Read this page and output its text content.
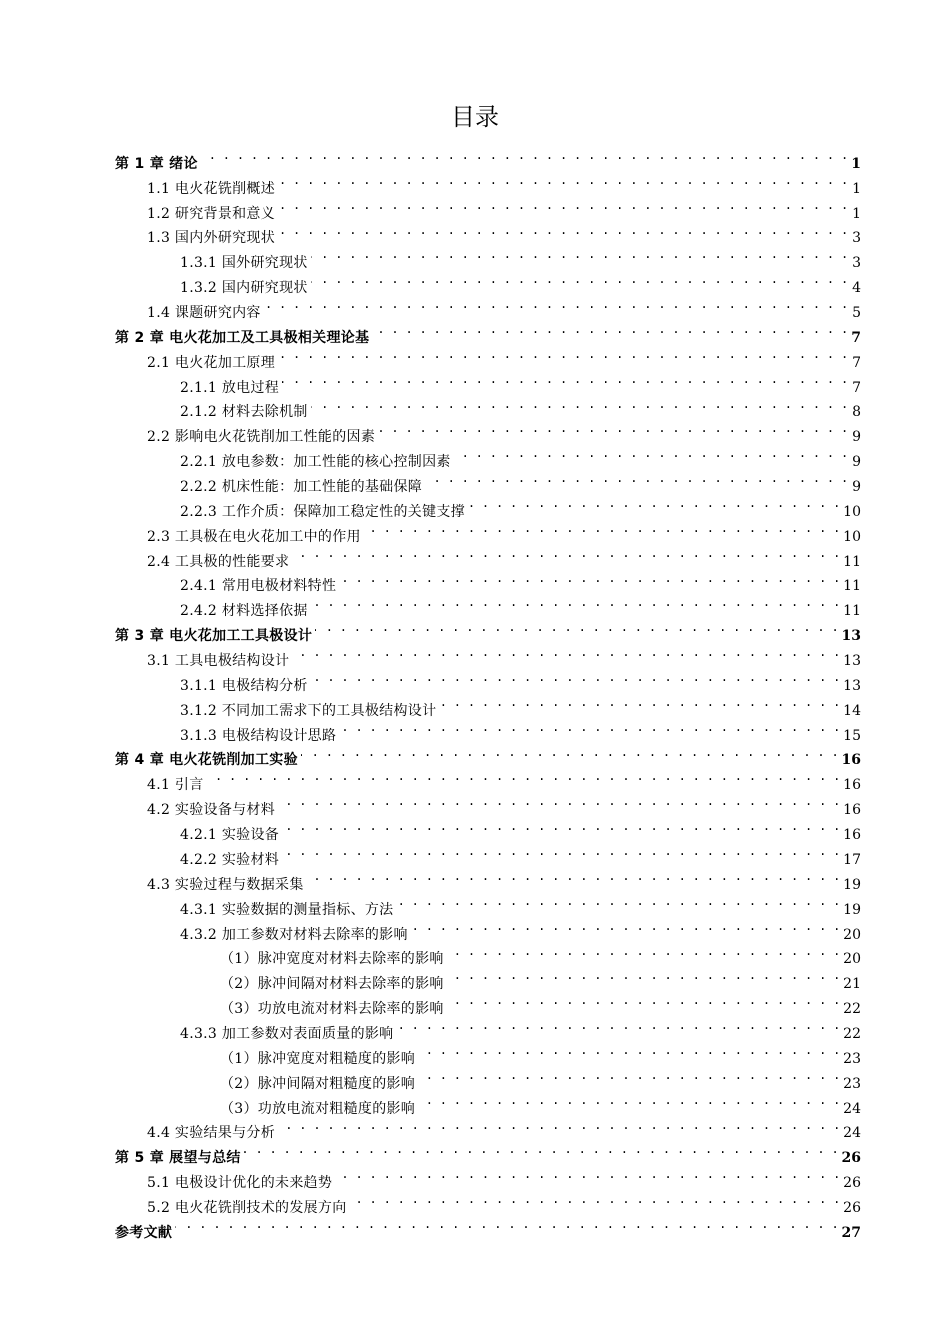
目录
第 1 章 绪论 . . .	1
1.1 电火花铣削概述 . . .	1
1.2 研究背景和意义 . . .	1
1.3 国内外研究现状 . . .	3
1.3.1 国外研究现状 . . .	3
1.3.2 国内研究现状 . . .	4
1.4 课题研究内容 . . .	5
第 2 章 电火花加工及工具极相关理论基 . . .	7
2.1 电火花加工原理 . . .	7
2.1.1 放电过程 . . .	7
2.1.2 材料去除机制 . . .	8
2.2 影响电火花铣削加工性能的因素 . . .	9
2.2.1 放电参数：加工性能的核心控制因素 . . .	9
2.2.2 机床性能：加工性能的基础保障 . . .	9
2.2.3 工作介质：保障加工稳定性的关键支撑 . . .	10
2.3 工具极在电火花加工中的作用 . . .	10
2.4 工具极的性能要求 . . .	11
2.4.1 常用电极材料特性 . . .	11
2.4.2 材料选择依据 . . .	11
第 3 章 电火花加工工具极设计 . . .	13
3.1 工具电极结构设计 . . .	13
3.1.1 电极结构分析 . . .	13
3.1.2 不同加工需求下的工具极结构设计 . . .	14
3.1.3 电极结构设计思路 . . .	15
第 4 章 电火花铣削加工实验 . . .	16
4.1 引言 . . .	16
4.2 实验设备与材料 . . .	16
4.2.1 实验设备 . . .	16
4.2.2 实验材料 . . .	17
4.3 实验过程与数据采集 . . .	19
4.3.1 实验数据的测量指标、方法 . . .	19
4.3.2 加工参数对材料去除率的影响 . . .	20
（1）脉冲宽度对材料去除率的影响 . . .	20
（2）脉冲间隔对材料去除率的影响 . . .	21
（3）功放电流对材料去除率的影响 . . .	22
4.3.3 加工参数对表面质量的影响 . . .	22
（1）脉冲宽度对粗糙度的影响 . . .	23
（2）脉冲间隔对粗糙度的影响 . . .	23
（3）功放电流对粗糙度的影响 . . .	24
4.4 实验结果与分析 . . .	24
第 5 章 展望与总结 . . .	26
5.1 电极设计优化的未来趋势 . . .	26
5.2 电火花铣削技术的发展方向 . . .	26
参考文献 . . .	27
